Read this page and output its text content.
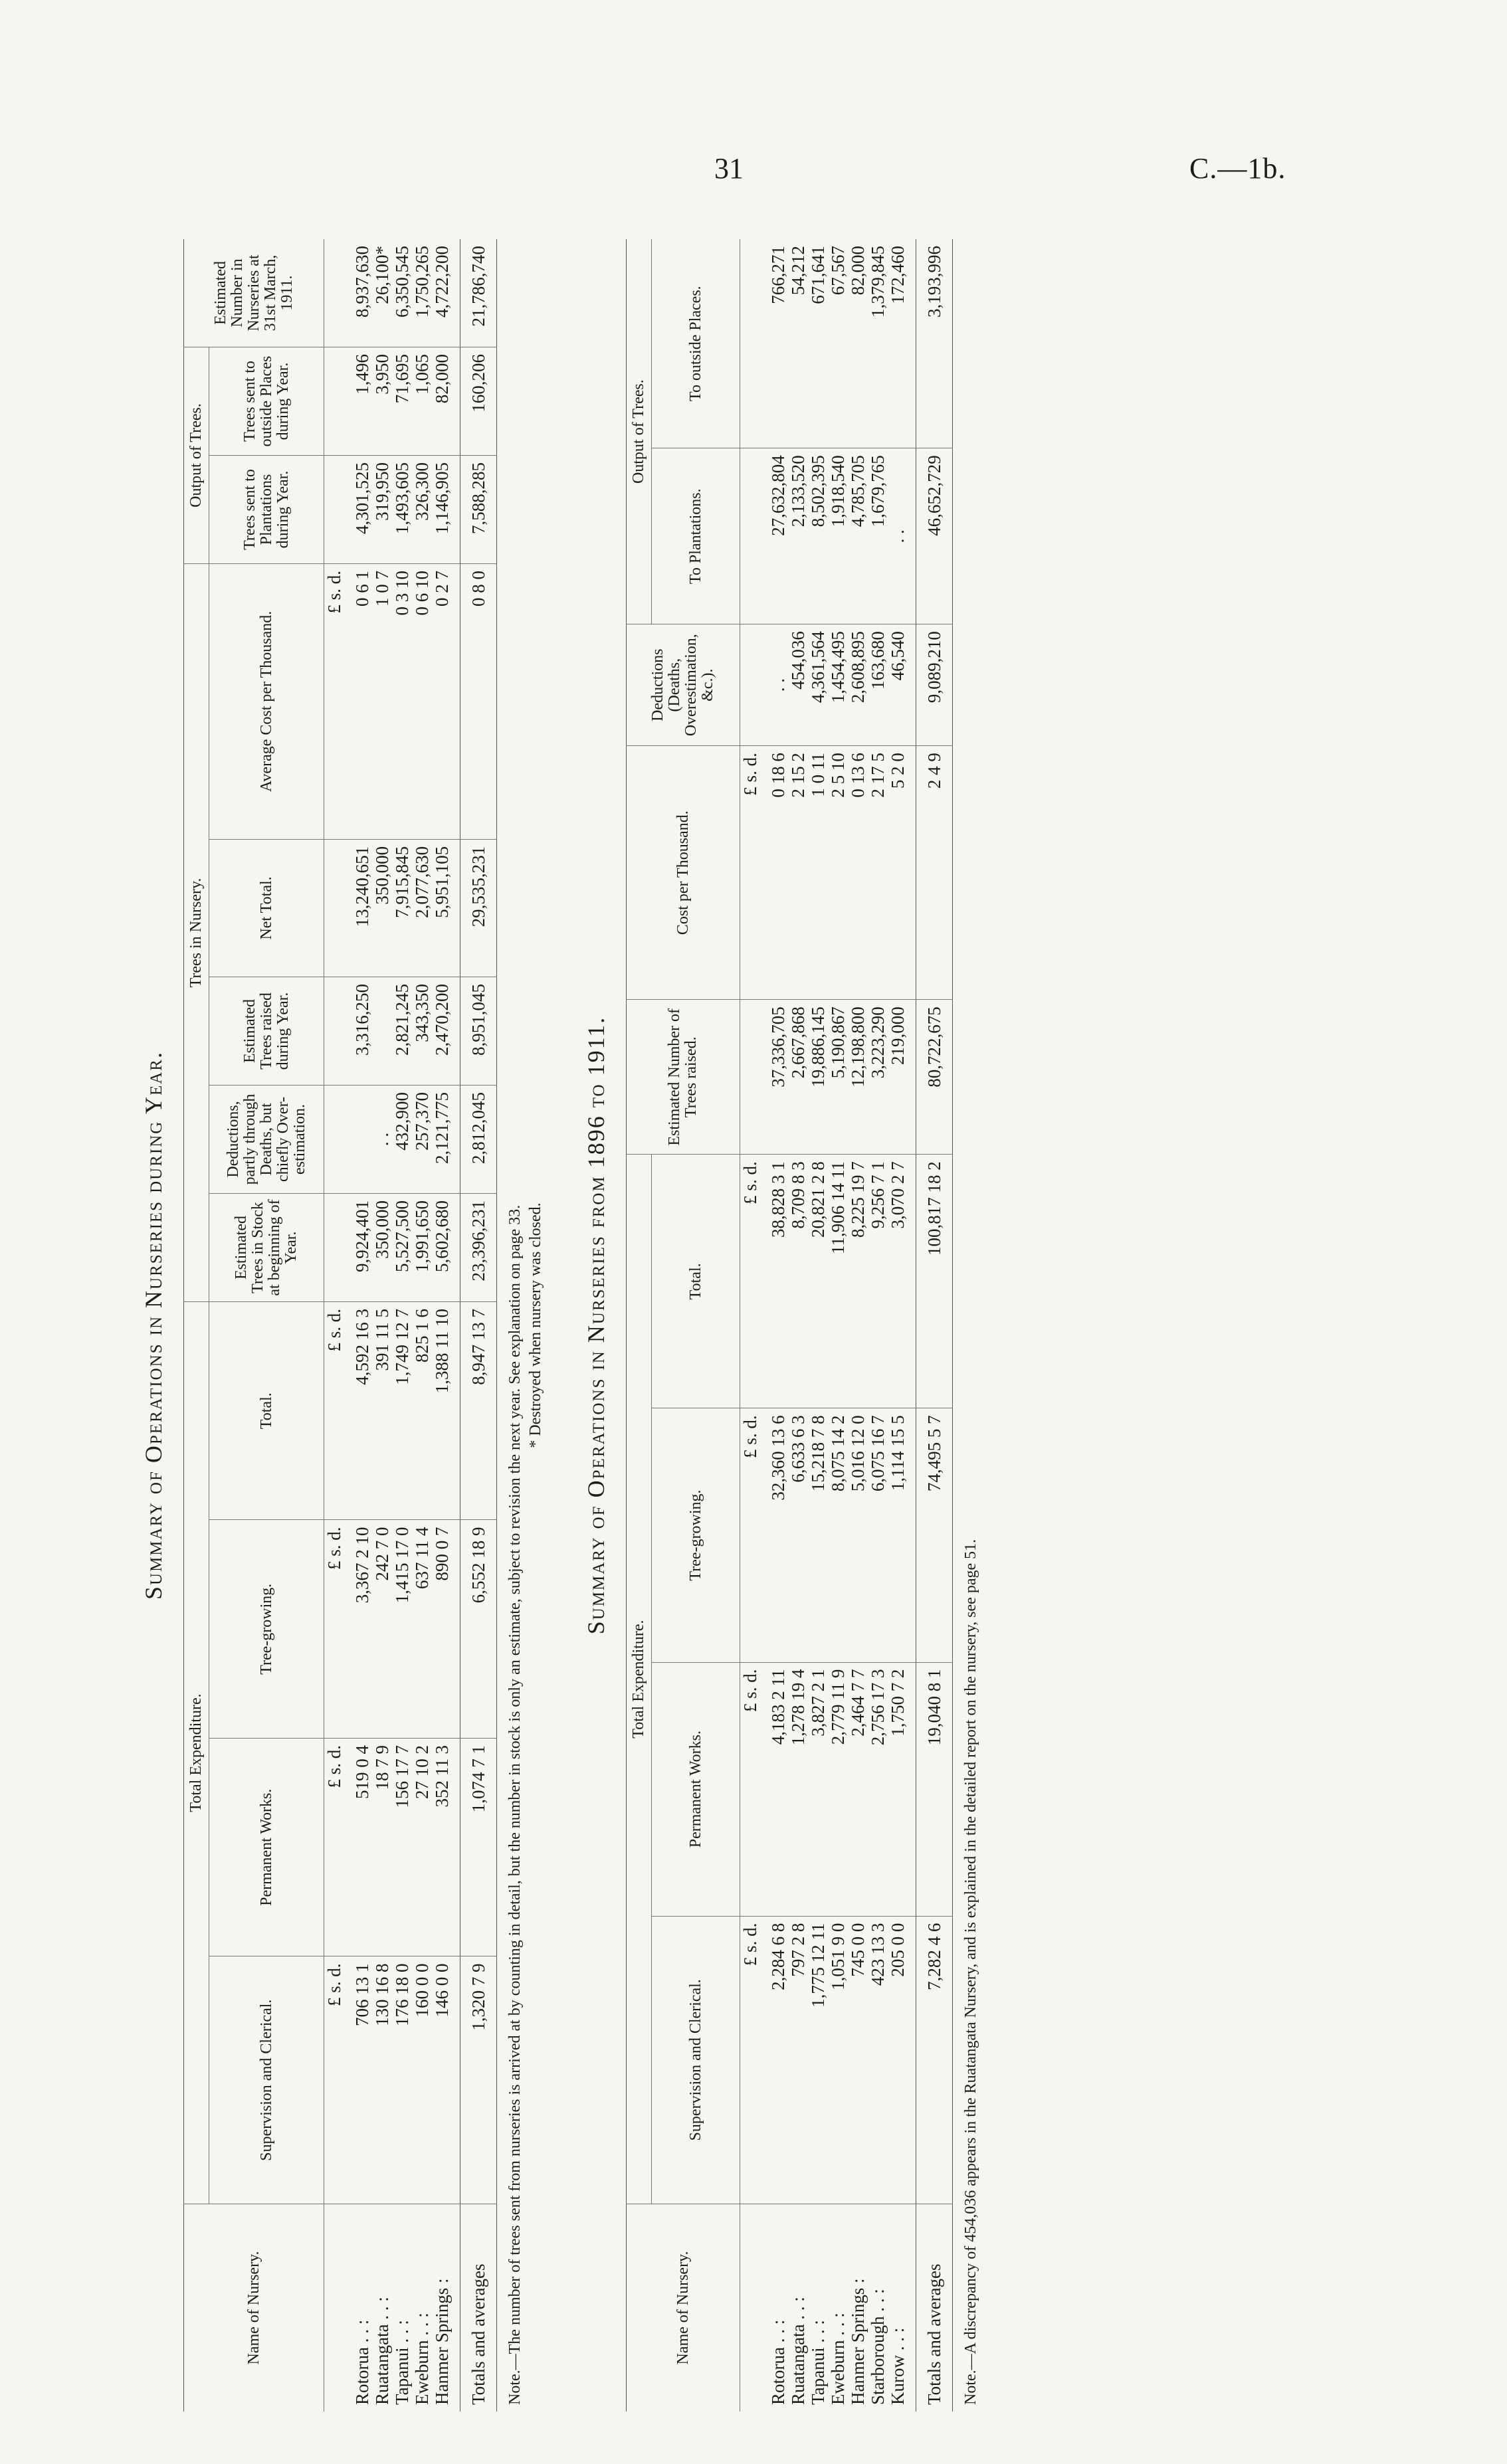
31	C.—1b.

Summary of Operations in Nurseries during Year.

Name of Nursery.	Total Expenditure.				Trees in Nursery.					Output of Trees.		Estimated Number in Nurseries at 31st March, 1911.
	Supervision and Clerical.	Permanent Works.	Tree-growing.	Total.	Estimated Trees in Stock at beginning of Year.	Deductions, partly through Deaths, but chiefly Over-estimation.	Estimated Trees raised during Year.	Net Total.	Average Cost per Thousand.	Trees sent to Plantations during Year.	Trees sent to outside Places during Year.	
	£ s. d.	£ s. d.	£ s. d.	£ s. d.					£ s. d.			
Rotorua . . :	706 13 1	519 0 4	3,367 2 10	4,592 16 3	9,924,401		3,316,250	13,240,651	0 6 1	4,301,525	1,496	8,937,630
Ruatangata . . :	130 16 8	18 7 9	242 7 0	391 11 5	350,000	. .		350,000	1 0 7	319,950	3,950	26,100*
Tapanui . . :	176 18 0	156 17 7	1,415 17 0	1,749 12 7	5,527,500	432,900	2,821,245	7,915,845	0 3 10	1,493,605	71,695	6,350,545
Eweburn . . :	160 0 0	27 10 2	637 11 4	825 1 6	1,991,650	257,370	343,350	2,077,630	0 6 10	326,300	1,065	1,750,265
Hanmer Springs :	146 0 0	352 11 3	890 0 7	1,388 11 10	5,602,680	2,121,775	2,470,200	5,951,105	0 2 7	1,146,905	82,000	4,722,200
Totals and averages	1,320 7 9	1,074 7 1	6,552 18 9	8,947 13 7	23,396,231	2,812,045	8,951,045	29,535,231	0 8 0	7,588,285	160,206	21,786,740

Note.—The number of trees sent from nurseries is arrived at by counting in detail, but the number in stock is only an estimate, subject to revision the next year. See explanation on page 33. * Destroyed when nursery was closed. Summary of Operations in Nurseries from 1896 to 1911.

Name of Nursery.	Total Expenditure.				Estimated Number of Trees raised.	Cost per Thousand.	Deductions (Deaths, Overestimation, &c.).	Output of Trees.	
	Supervision and Clerical.	Permanent Works.	Tree-growing.	Total.				To Plantations.	To outside Places.
	£ s. d.	£ s. d.	£ s. d.	£ s. d.		£ s. d.			
Rotorua . . :	2,284 6 8	4,183 2 11	32,360 13 6	38,828 3 1	37,336,705	0 18 6	. .	27,632,804	766,271
Ruatangata . . :	797 2 8	1,278 19 4	6,633 6 3	8,709 8 3	2,667,868	2 15 2	454,036	2,133,520	54,212
Tapanui . . :	1,775 12 11	3,827 2 1	15,218 7 8	20,821 2 8	19,886,145	1 0 11	4,361,564	8,502,395	671,641
Eweburn . . :	1,051 9 0	2,779 11 9	8,075 14 2	11,906 14 11	5,190,867	2 5 10	1,454,495	1,918,540	67,567
Hanmer Springs :	745 0 0	2,464 7 7	5,016 12 0	8,225 19 7	12,198,800	0 13 6	2,608,895	4,785,705	82,000
Starborough . . :	423 13 3	2,756 17 3	6,075 16 7	9,256 7 1	3,223,290	2 17 5	163,680	1,679,765	1,379,845
Kurow . . :	205 0 0	1,750 7 2	1,114 15 5	3,070 2 7	219,000	5 2 0	46,540	. .	172,460
Totals and averages	7,282 4 6	19,040 8 1	74,495 5 7	100,817 18 2	80,722,675	2 4 9	9,089,210	46,652,729	3,193,996

Note.—A discrepancy of 454,036 appears in the Ruatangata Nursery, and is explained in the detailed report on the nursery, see page 51.
